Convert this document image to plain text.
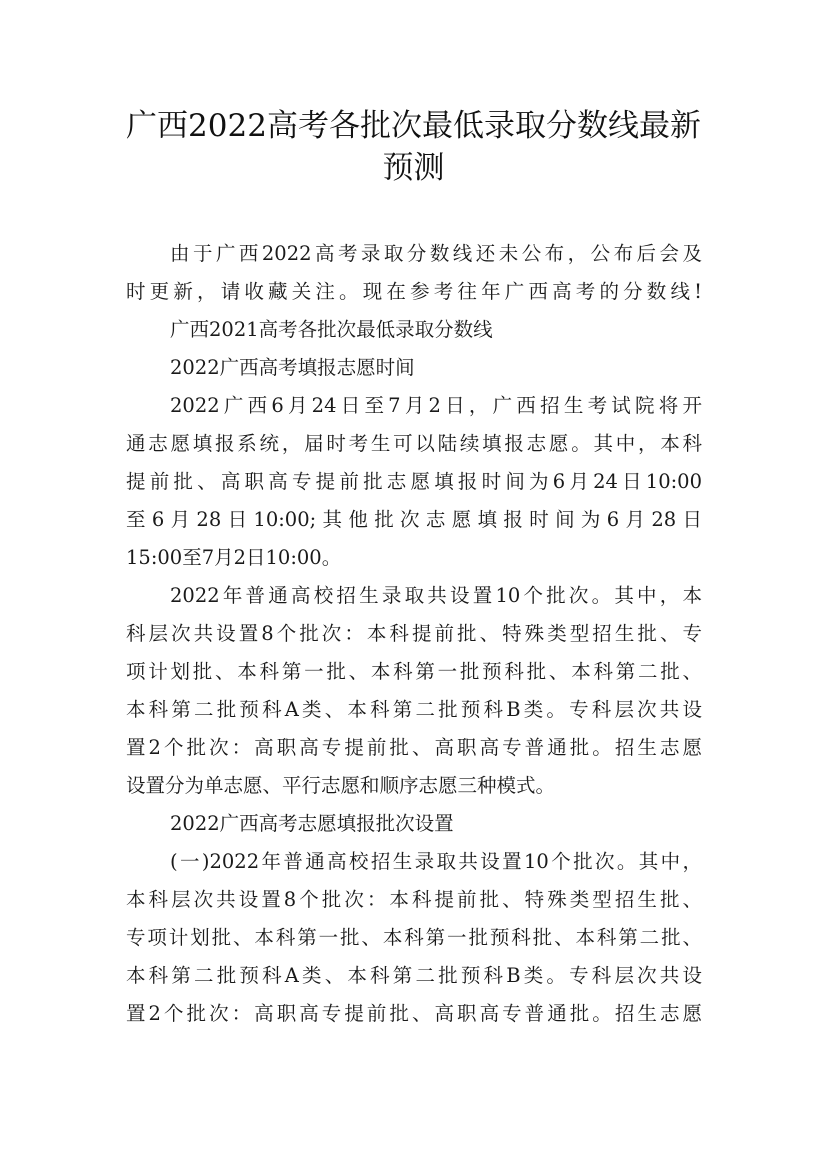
广西2022高考各批次最低录取分数线最新
预测
由于广西2022高考录取分数线还未公布，公布后会及
时更新，请收藏关注。现在参考往年广西高考的分数线!
广西2021高考各批次最低录取分数线
2022广西高考填报志愿时间
2022广西6月24日至7月2日，广西招生考试院将开
通志愿填报系统，届时考生可以陆续填报志愿。其中，本科
提前批、高职高专提前批志愿填报时间为6月24日10:00
至6月28日10:00;其他批次志愿填报时间为6月28日
15:00至7月2日10:00。
2022年普通高校招生录取共设置10个批次。其中，本
科层次共设置8个批次：本科提前批、特殊类型招生批、专
项计划批、本科第一批、本科第一批预科批、本科第二批、
本科第二批预科A类、本科第二批预科B类。专科层次共设
置2个批次：高职高专提前批、高职高专普通批。招生志愿
设置分为单志愿、平行志愿和顺序志愿三种模式。
2022广西高考志愿填报批次设置
(一)2022年普通高校招生录取共设置10个批次。其中，
本科层次共设置8个批次：本科提前批、特殊类型招生批、
专项计划批、本科第一批、本科第一批预科批、本科第二批、
本科第二批预科A类、本科第二批预科B类。专科层次共设
置2个批次：高职高专提前批、高职高专普通批。招生志愿
